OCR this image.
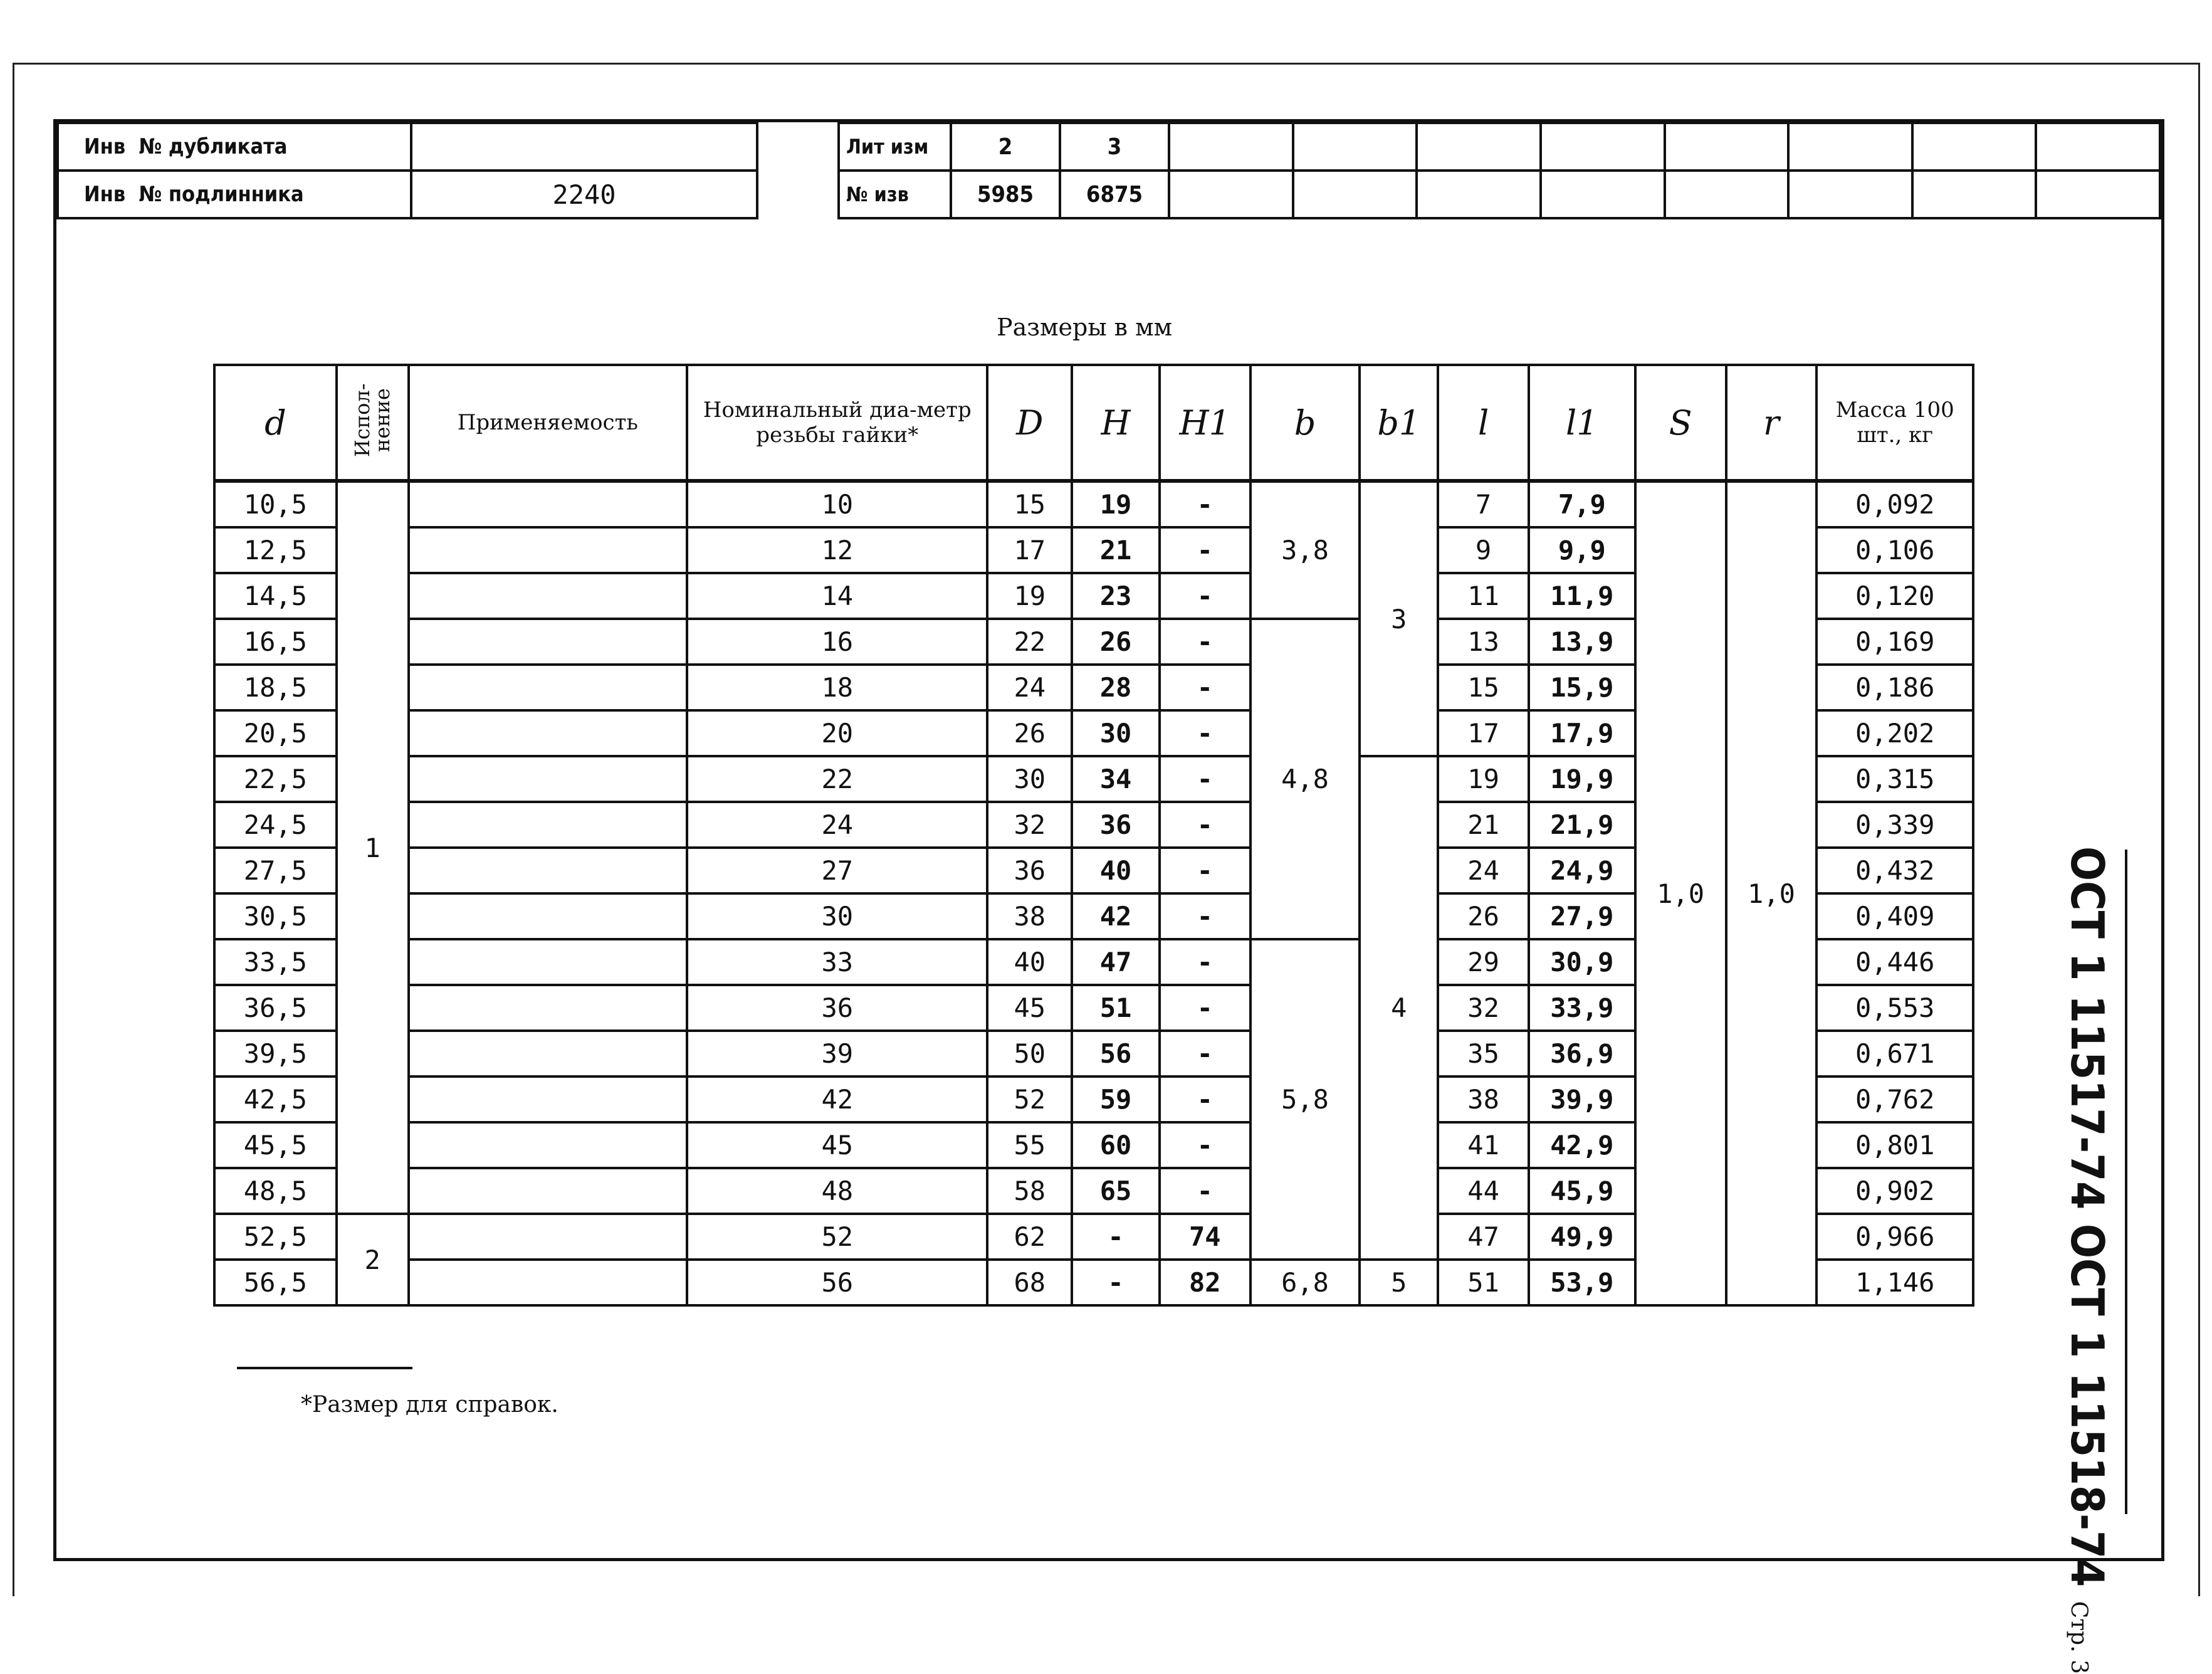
Инв  № дубликата	
Инв  № подлинника	2240
Лит изм	2	3								
№ изв	5985	6875								
Размеры в мм
d	Испол-нение	Применяемость	Номинальный диа-метр резьбы гайки*	D	H	H1	b	b1	l	l1	S	r	Масса 100 шт., кг
10,5	1		10	15	19	-	3,8	3	7	7,9	1,0	1,0	0,092
12,5			12	17	21	-			9	9,9			0,106
14,5			14	19	23	-			11	11,9			0,120
16,5			16	22	26	-	4,8		13	13,9			0,169
18,5			18	24	28	-			15	15,9			0,186
20,5			20	26	30	-			17	17,9			0,202
22,5			22	30	34	-		4	19	19,9			0,315
24,5			24	32	36	-			21	21,9			0,339
27,5			27	36	40	-			24	24,9			0,432
30,5			30	38	42	-			26	27,9			0,409
33,5			33	40	47	-	5,8		29	30,9			0,446
36,5			36	45	51	-			32	33,9			0,553
39,5			39	50	56	-			35	36,9			0,671
42,5			42	52	59	-			38	39,9			0,762
45,5			45	55	60	-			41	42,9			0,801
48,5			48	58	65	-			44	45,9			0,902
52,5	2		52	62	-	74			47	49,9			0,966
56,5			56	68	-	82	6,8	5	51	53,9			1,146
*Размер для справок.	ОСТ 1 11517-74 ОСТ 1 11518-74 Стр. 3
